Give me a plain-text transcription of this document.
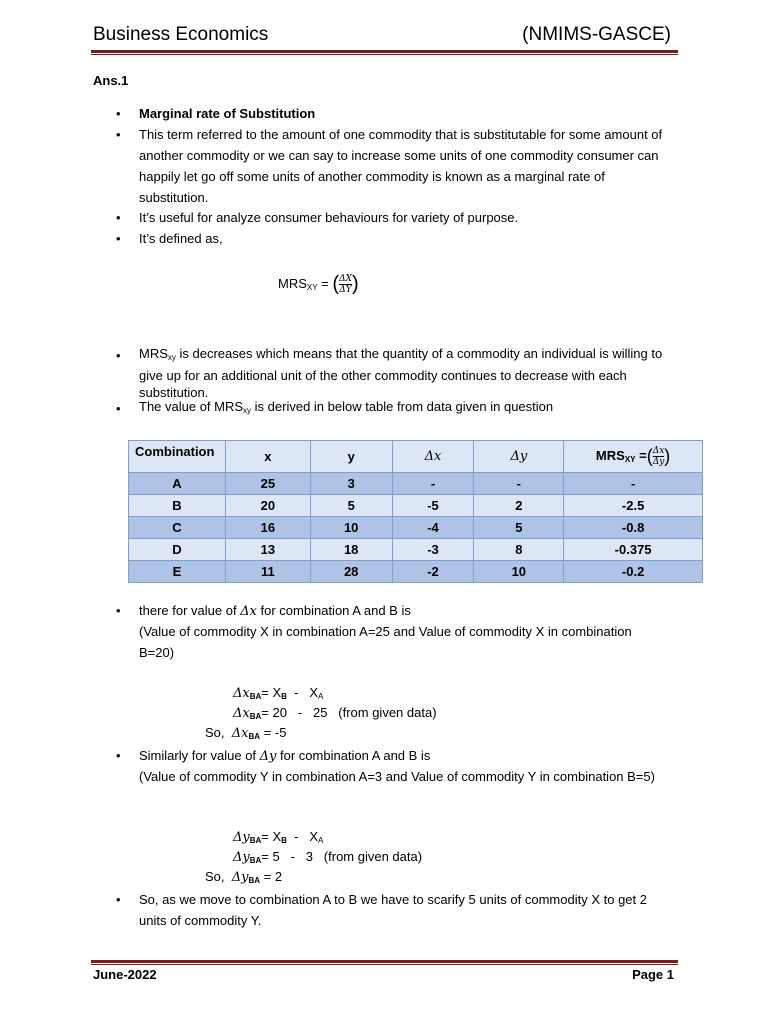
Business Economics	(NMIMS-GASCE)
Ans.1
• Marginal rate of Substitution
• This term referred to the amount of one commodity that is substitutable for some amount of another commodity or we can say to increase some units of one commodity consumer can happily let go off some units of another commodity is known as a marginal rate of substitution.
• It’s useful for analyze consumer behaviours for variety of purpose.
• It’s defined as,
$MRS_{XY}$ = ( $\frac{\Delta X}{\Delta Y}$ )
• $MRS_{xy}$ is decreases which means that the quantity of a commodity an individual is willing to give up for an additional unit of the other commodity continues to decrease with each substitution.
• The value of $MRS_{xy}$ is derived in below table from data given in question
Combination	x	y	Δx	Δy	$MRS_{XY}$ =( $\frac{\Delta x}{\Delta y}$ )
A	25	3	-	-	-
B	20	5	-5	2	-2.5
C	16	10	-4	5	-0.8
D	13	18	-3	8	-0.375
E	11	28	-2	10	-0.2
• there for value of Δx for combination A and B is
(Value of commodity X in combination A=25 and Value of commodity X in combination B=20)
$\Delta x_{BA}= X_B - X_A$
$\Delta x_{BA}= 20 - 25$   (from given data)
So, $\Delta x_{BA} = -5$
• Similarly for value of Δy for combination A and B is
(Value of commodity Y in combination A=3 and Value of commodity Y in combination B=5)
$\Delta y_{BA}= X_B - X_A$
$\Delta y_{BA}= 5 - 3$   (from given data)
So, $\Delta y_{BA} = 2$
• So, as we move to combination A to B we have to scarify 5 units of commodity X to get 2 units of commodity Y.
June-2022	Page 1
